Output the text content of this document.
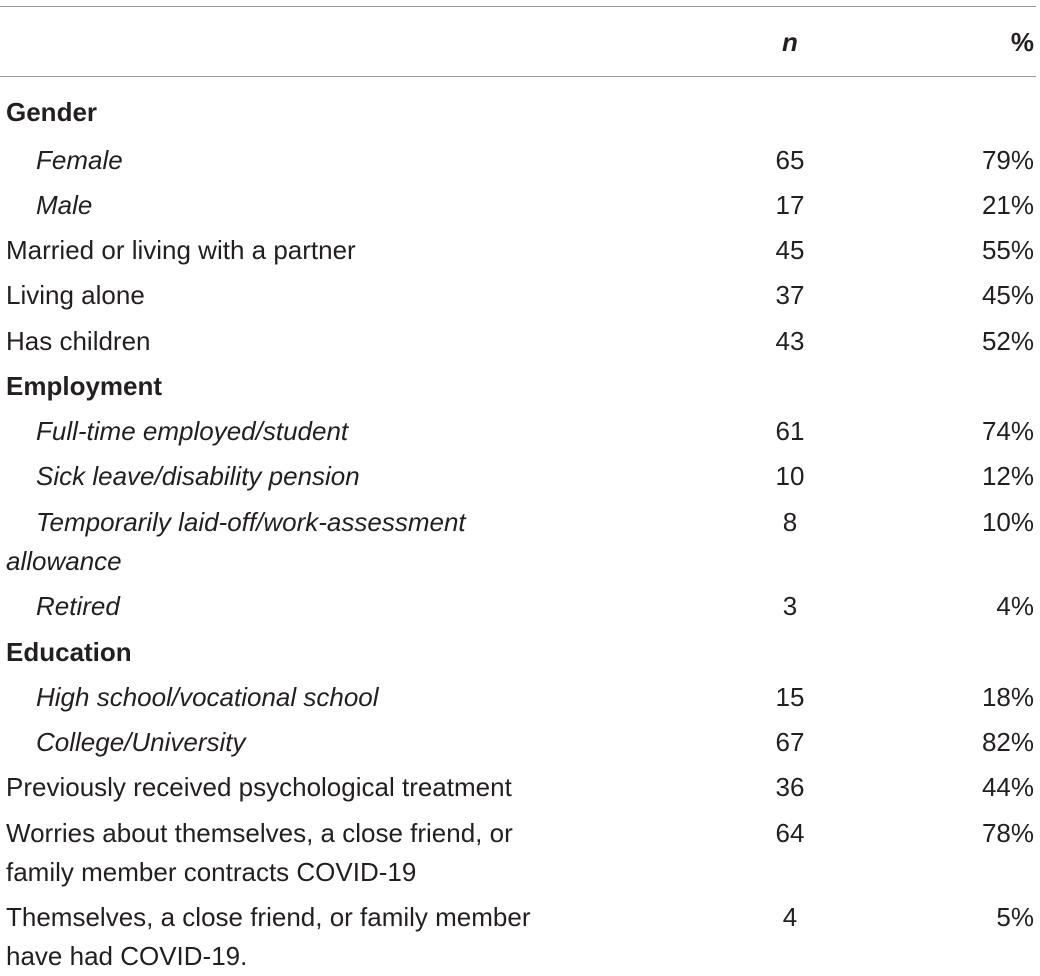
n	%
Gender
Female	65	79%
Male	17	21%
Married or living with a partner	45	55%
Living alone	37	45%
Has children	43	52%
Employment
Full-time employed/student	61	74%
Sick leave/disability pension	10	12%
Temporarily laid-off/work-assessment	8	10%
allowance
Retired	3	4%
Education
High school/vocational school	15	18%
College/University	67	82%
Previously received psychological treatment	36	44%
Worries about themselves, a close friend, or	64	78%
family member contracts COVID-19
Themselves, a close friend, or family member	4	5%
have had COVID-19.
